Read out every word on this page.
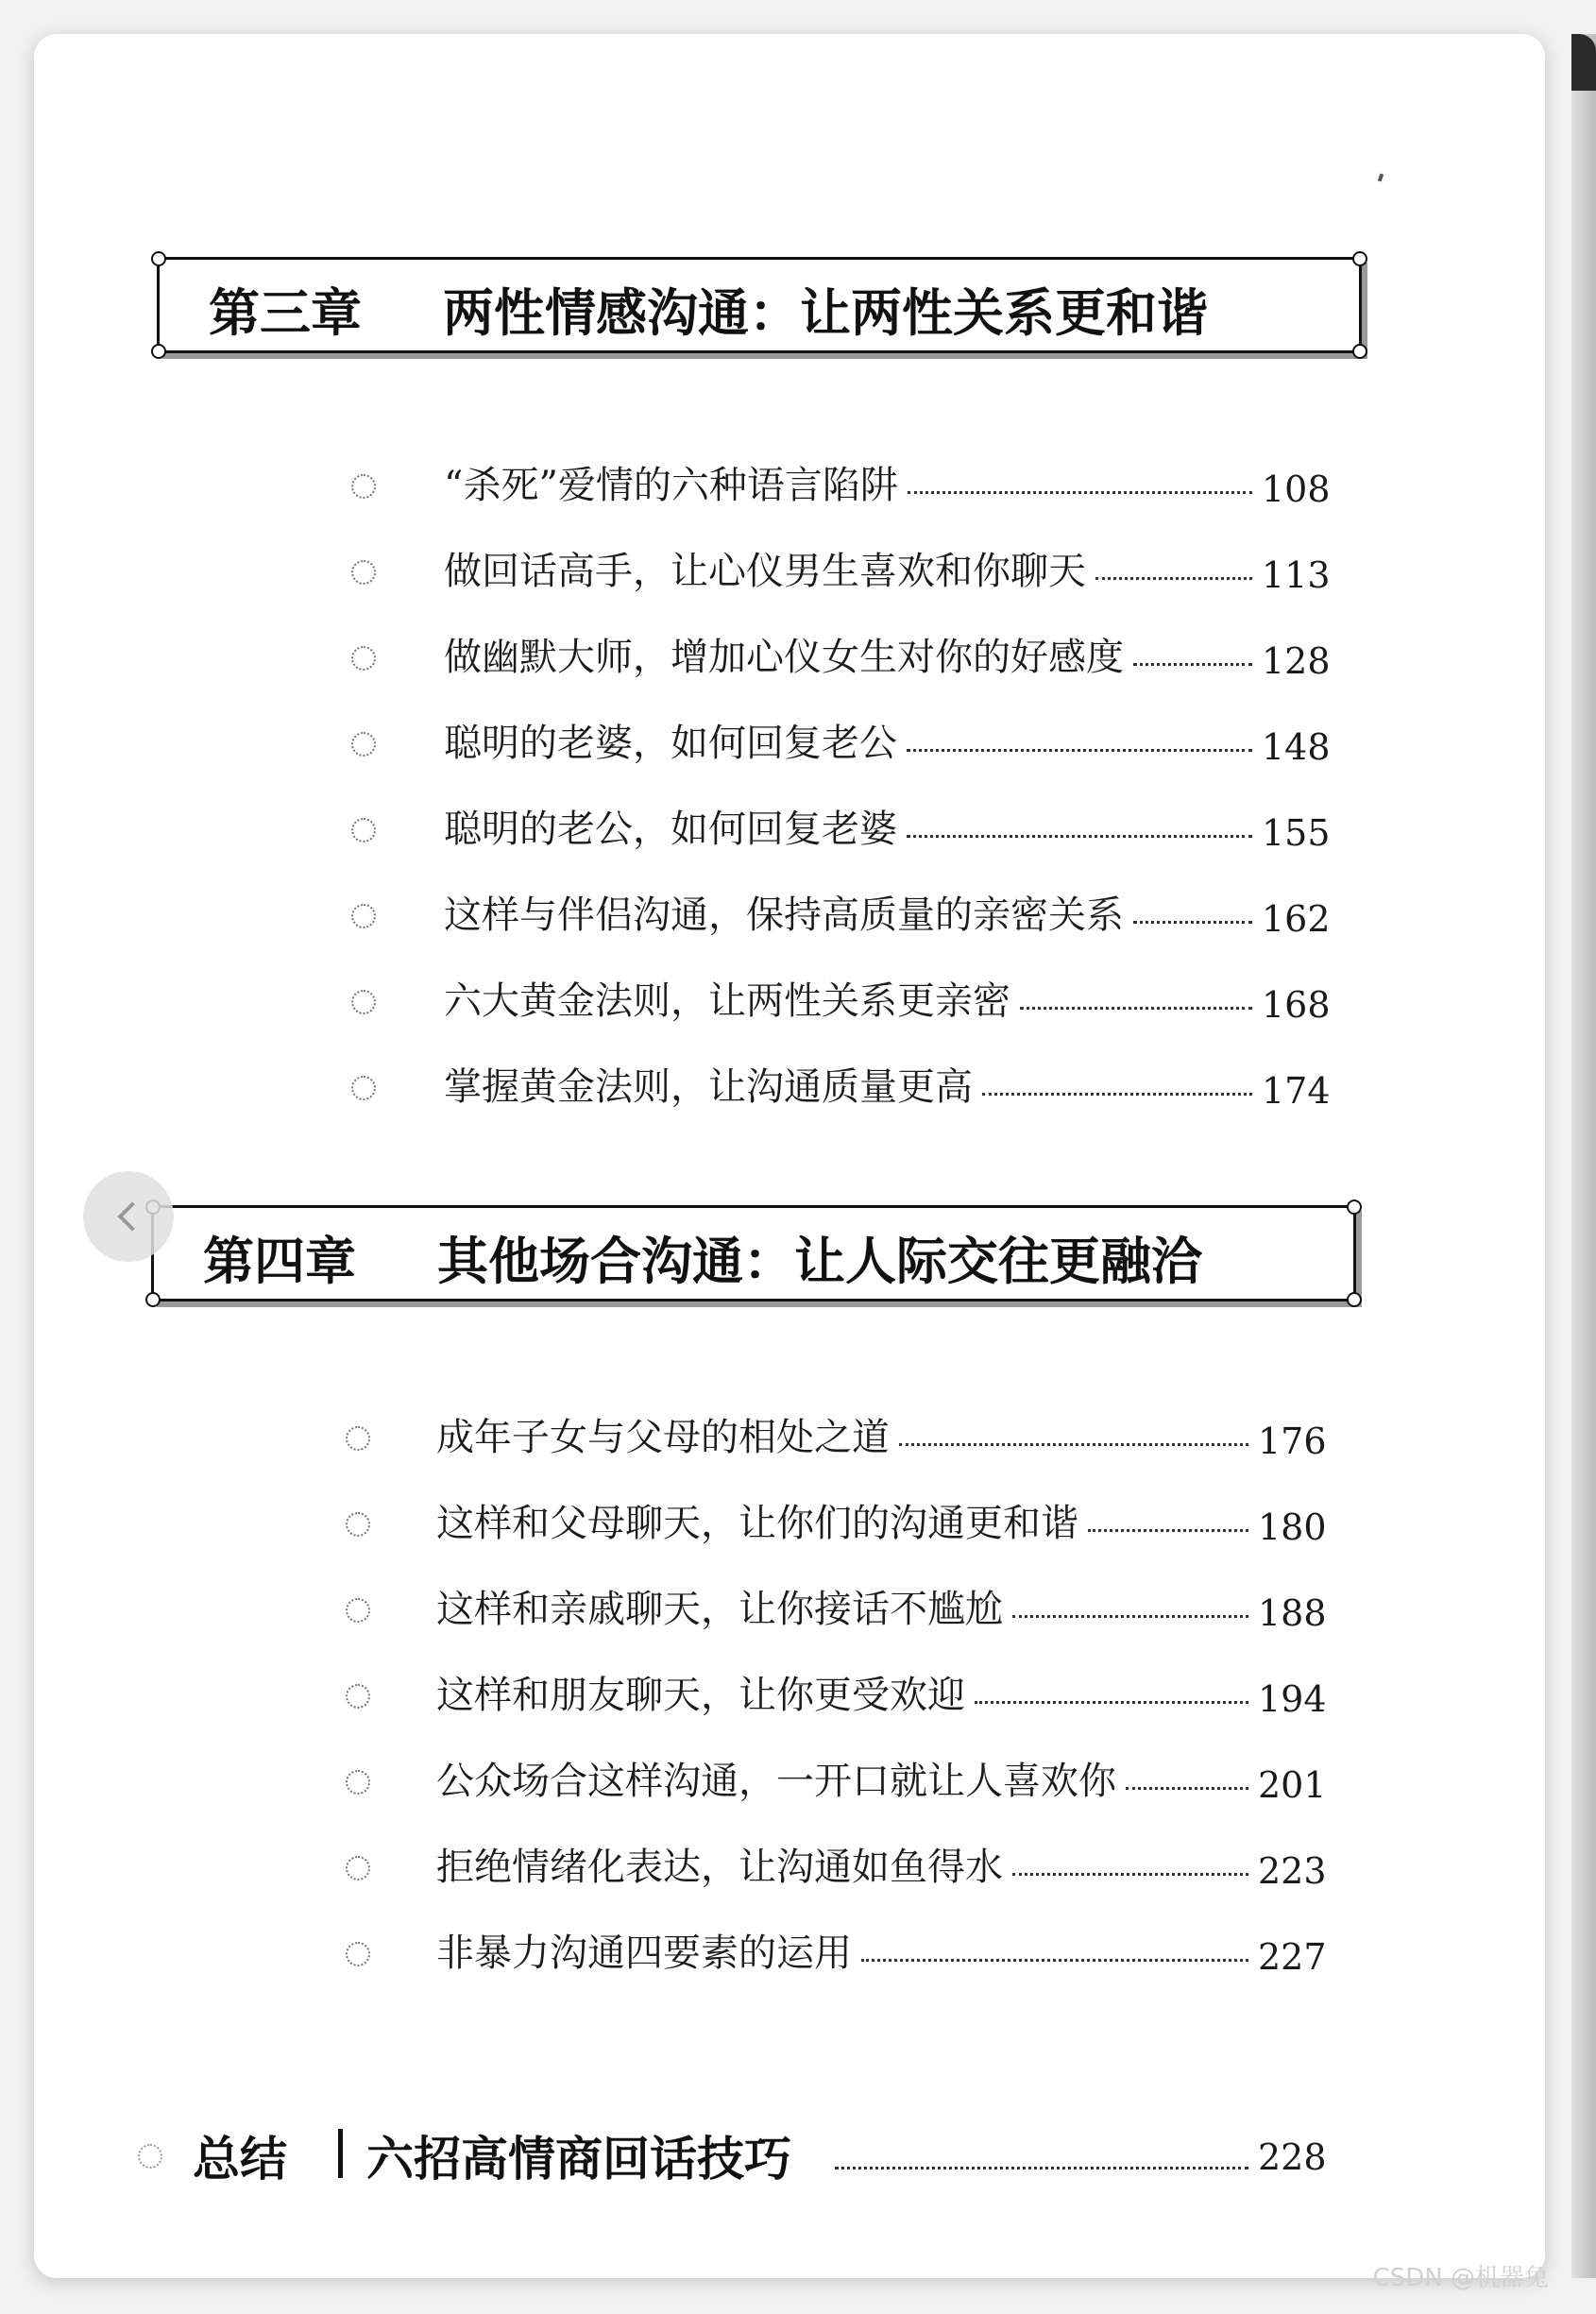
第三章 两性情感沟通：让两性关系更和谐
“杀死”爱情的六种语言陷阱	108
做回话高手，让心仪男生喜欢和你聊天	113
做幽默大师，增加心仪女生对你的好感度	128
聪明的老婆，如何回复老公	148
聪明的老公，如何回复老婆	155
这样与伴侣沟通，保持高质量的亲密关系	162
六大黄金法则，让两性关系更亲密	168
掌握黄金法则，让沟通质量更高	174
第四章 其他场合沟通：让人际交往更融洽
成年子女与父母的相处之道	176
这样和父母聊天，让你们的沟通更和谐	180
这样和亲戚聊天，让你接话不尴尬	188
这样和朋友聊天，让你更受欢迎	194
公众场合这样沟通，一开口就让人喜欢你	201
拒绝情绪化表达，让沟通如鱼得水	223
非暴力沟通四要素的运用	227
总结 六招高情商回话技巧	228
CSDN @机器兔
